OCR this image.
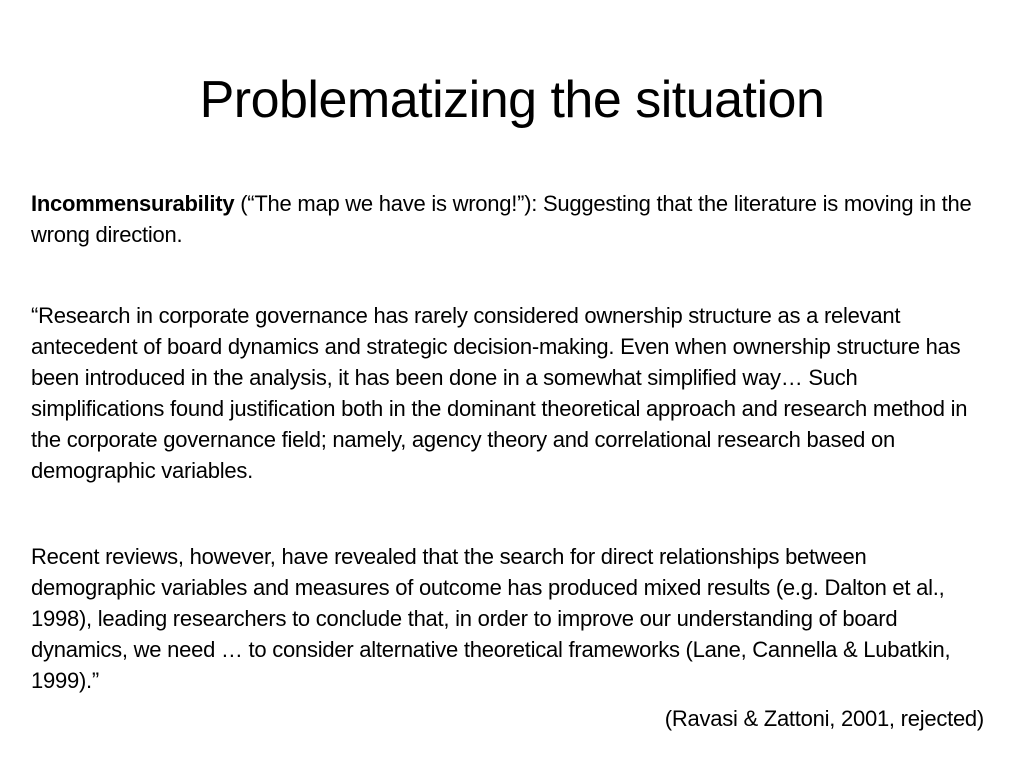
Problematizing the situation

Incommensurability (“The map we have is wrong!”): Suggesting that the literature is moving in the wrong direction.

“Research in corporate governance has rarely considered ownership structure as a relevant antecedent of board dynamics and strategic decision-making. Even when ownership structure has been introduced in the analysis, it has been done in a somewhat simplified way… Such simplifications found justification both in the dominant theoretical approach and research method in the corporate governance field; namely, agency theory and correlational research based on demographic variables.

Recent reviews, however, have revealed that the search for direct relationships between demographic variables and measures of outcome has produced mixed results (e.g. Dalton et al., 1998), leading researchers to conclude that, in order to improve our understanding of board dynamics, we need … to consider alternative theoretical frameworks (Lane, Cannella & Lubatkin, 1999).”

(Ravasi & Zattoni, 2001, rejected)
